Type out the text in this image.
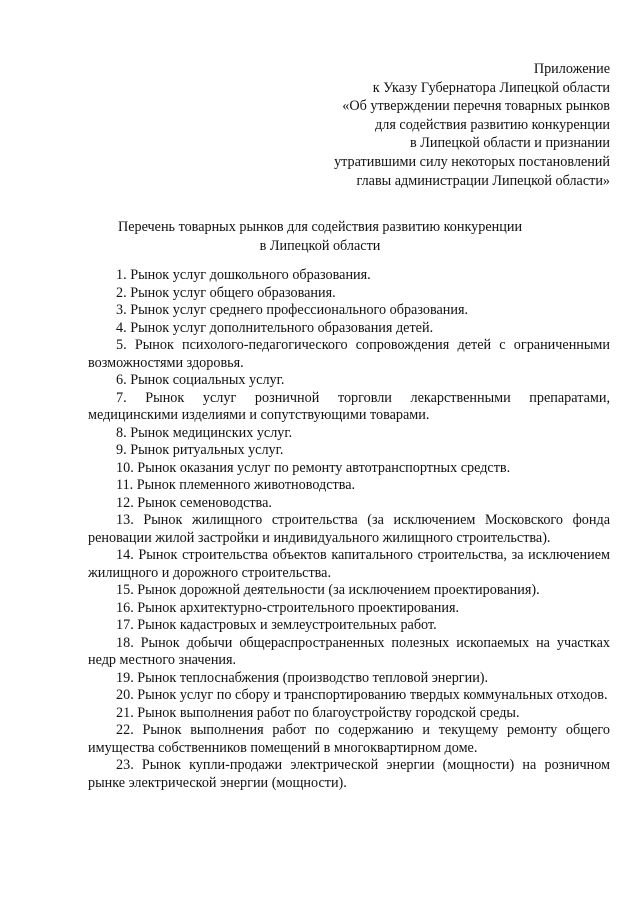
Приложение
к Указу Губернатора Липецкой области
«Об утверждении перечня товарных рынков
для содействия развитию конкуренции
в Липецкой области и признании
утратившими силу некоторых постановлений
главы администрации Липецкой области»
Перечень товарных рынков для содействия развитию конкуренции
в Липецкой области
1. Рынок услуг дошкольного образования.
2. Рынок услуг общего образования.
3. Рынок услуг среднего профессионального образования.
4. Рынок услуг дополнительного образования детей.
5. Рынок психолого-педагогического сопровождения детей с ограниченными возможностями здоровья.
6. Рынок социальных услуг.
7. Рынок услуг розничной торговли лекарственными препаратами, медицинскими изделиями и сопутствующими товарами.
8. Рынок медицинских услуг.
9. Рынок ритуальных услуг.
10. Рынок оказания услуг по ремонту автотранспортных средств.
11. Рынок племенного животноводства.
12. Рынок семеноводства.
13. Рынок жилищного строительства (за исключением Московского фонда реновации жилой застройки и индивидуального жилищного строительства).
14. Рынок строительства объектов капитального строительства, за исключением жилищного и дорожного строительства.
15. Рынок дорожной деятельности (за исключением проектирования).
16. Рынок архитектурно-строительного проектирования.
17. Рынок кадастровых и землеустроительных работ.
18. Рынок добычи общераспространенных полезных ископаемых на участках недр местного значения.
19. Рынок теплоснабжения (производство тепловой энергии).
20. Рынок услуг по сбору и транспортированию твердых коммунальных отходов.
21. Рынок выполнения работ по благоустройству городской среды.
22. Рынок выполнения работ по содержанию и текущему ремонту общего имущества собственников помещений в многоквартирном доме.
23. Рынок купли-продажи электрической энергии (мощности) на розничном рынке электрической энергии (мощности).
